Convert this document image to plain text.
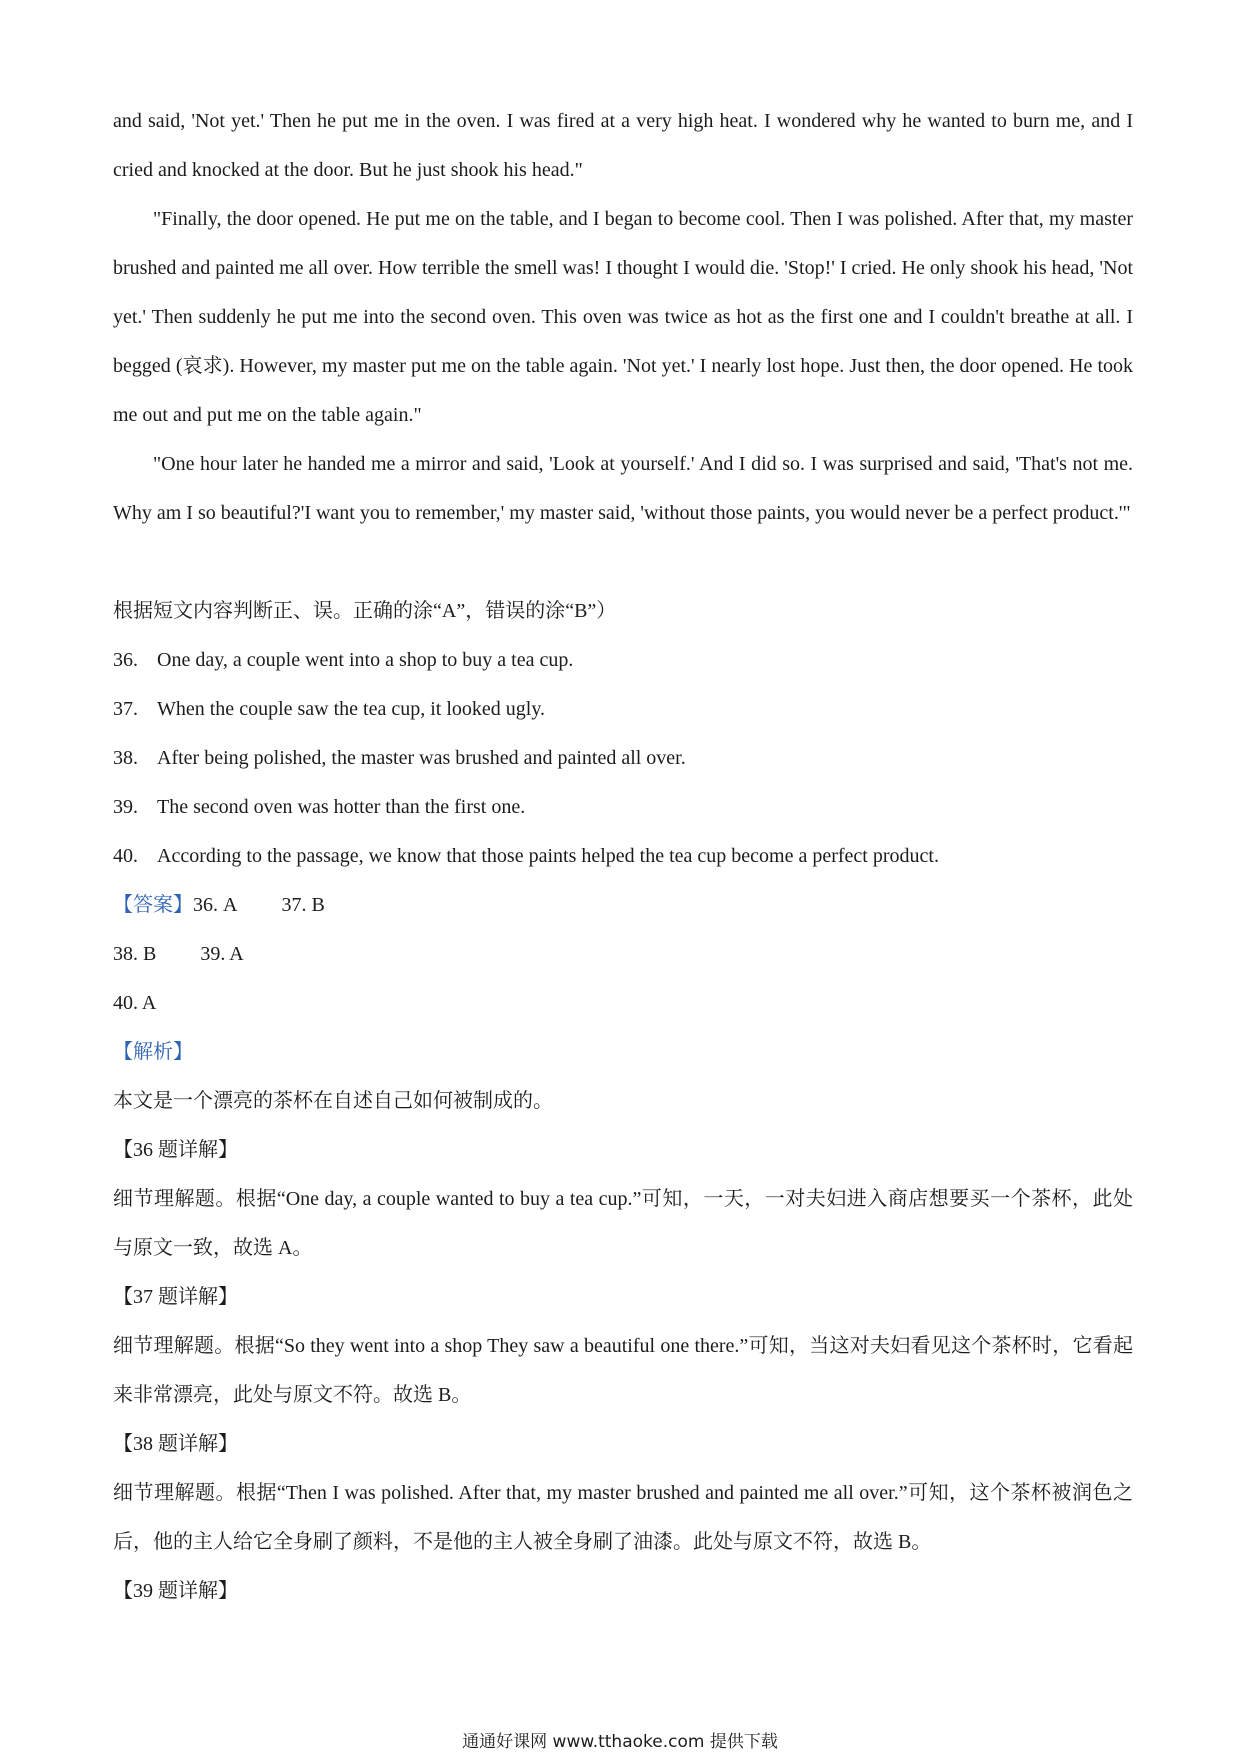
and said, 'Not yet.' Then he put me in the oven. I was fired at a very high heat. I wondered why he wanted to burn me, and I cried and knocked at the door. But he just shook his head."

"Finally, the door opened. He put me on the table, and I began to become cool. Then I was polished. After that, my master brushed and painted me all over. How terrible the smell was! I thought I would die. 'Stop!' I cried. He only shook his head, 'Not yet.' Then suddenly he put me into the second oven. This oven was twice as hot as the first one and I couldn't breathe at all. I begged (哀求). However, my master put me on the table again. 'Not yet.' I nearly lost hope. Just then, the door opened. He took me out and put me on the table again."

"One hour later he handed me a mirror and said, 'Look at yourself.' And I did so. I was surprised and said, 'That's not me. Why am I so beautiful?'I want you to remember,' my master said, 'without those paints, you would never be a perfect product.'"

根据短文内容判断正、误。正确的涂“A”，错误的涂“B”）
36. One day, a couple went into a shop to buy a tea cup.
37. When the couple saw the tea cup, it looked ugly.
38. After being polished, the master was brushed and painted all over.
39. The second oven was hotter than the first one.
40. According to the passage, we know that those paints helped the tea cup become a perfect product.
【答案】36. A 37. B
38. B 39. A
40. A
【解析】
本文是一个漂亮的茶杯在自述自己如何被制成的。
【36 题详解】

细节理解题。根据“One day, a couple wanted to buy a tea cup.”可知，一天，一对夫妇进入商店想要买一个茶杯，此处与原文一致，故选 A。

【37 题详解】

细节理解题。根据“So they went into a shop They saw a beautiful one there.”可知，当这对夫妇看见这个茶杯时，它看起来非常漂亮，此处与原文不符。故选 B。

【38 题详解】

细节理解题。根据“Then I was polished. After that, my master brushed and painted me all over.”可知，这个茶杯被润色之后，他的主人给它全身刷了颜料，不是他的主人被全身刷了油漆。此处与原文不符，故选 B。

【39 题详解】
通通好课网 www.tthaoke.com 提供下载
